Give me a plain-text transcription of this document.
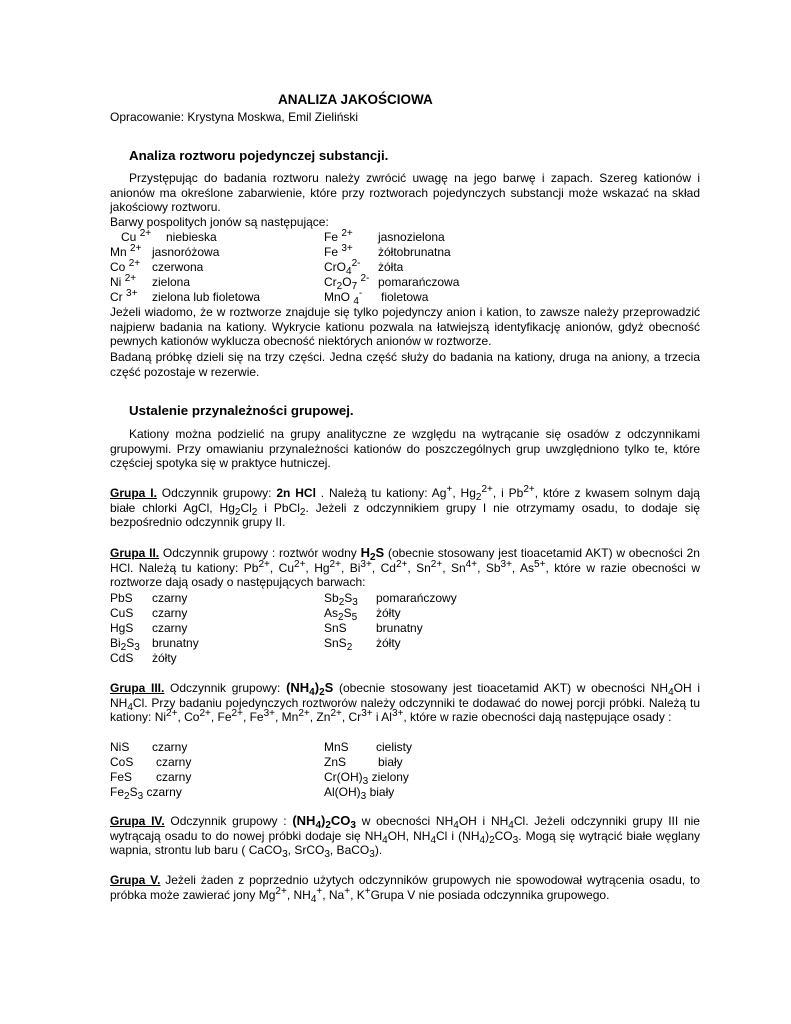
ANALIZA JAKOŚCIOWA
Opracowanie: Krystyna Moskwa, Emil Zieliński
Analiza roztworu pojedynczej substancji.

Przystępując do badania roztworu należy zwrócić uwagę na jego barwę i zapach. Szereg kationów i anionów ma określone zabarwienie, które przy roztworach pojedynczych substancji może wskazać na skład jakościowy roztworu.

Barwy pospolitych jonów są następujące:
Cu $^{2+}$ niebieska	Fe $^{2+}$ jasnozielona
Mn $^{2+}$ jasnoróżowa	Fe $^{3+}$ żółtobrunatna
Co $^{2+}$ czerwona	CrO$_4^{2-}$ żółta
Ni $^{2+}$ zielona	$Cr_2O_7$ $^{2-}$ pomarańczowa
Cr $^{3+}$ zielona lub fioletowa	MnO $_4$- fioletowa

Jeżeli wiadomo, że w roztworze znajduje się tylko pojedynczy anion i kation, to zawsze należy przeprowadzić najpierw badania na kationy. Wykrycie kationu pozwala na łatwiejszą identyfikację anionów, gdyż obecność pewnych kationów wyklucza obecność niektórych anionów w roztworze.

Badaną próbkę dzieli się na trzy części. Jedna część służy do badania na kationy, druga na aniony, a trzecia część pozostaje w rezerwie.

Ustalenie przynależności grupowej.

Kationy można podzielić na grupy analityczne ze względu na wytrącanie się osadów z odczynnikami grupowymi. Przy omawianiu przynależności kationów do poszczególnych grup uwzględniono tylko te, które częściej spotyka się w praktyce hutniczej.

Grupa I. Odczynnik grupowy: 2n HCl . Należą tu kationy: Ag+, $Hg_2^{2+}$, i $Pb^{2+}$, które z kwasem solnym dają białe chlorki AgCl, $Hg_2Cl_2$ i PbCl$_2$. Jeżeli z odczynnikiem grupy I nie otrzymamy osadu, to dodaje się bezpośrednio odczynnik grupy II.

Grupa II. Odczynnik grupowy : roztwór wodny $H_2S$ (obecnie stosowany jest tioacetamid AKT) w obecności 2n HCl. Należą tu kationy: $Pb^{2+}$, $Cu^{2+}$, $Hg^{2+}$, $Bi^{3+}$, $Cd^{2+}$, $Sn^{2+}$, $Sn^{4+}$, $Sb^{3+}$, $As^{5+}$, które w razie obecności w roztworze dają osady o następujących barwach:

PbS czarny	$Sb_2S_3$ pomarańczowy
CuS czarny	$As_2S_5$ żółty
HgS czarny	SnS brunatny
$Bi_2S_3$ brunatny	SnS$_2$ żółty
CdS żółty

Grupa III. Odczynnik grupowy: $(NH_4)_2S$ (obecnie stosowany jest tioacetamid AKT) w obecności $NH_4OH$ i $NH_4Cl$. Przy badaniu pojedynczych roztworów należy odczynniki te dodawać do nowej porcji próbki. Należą tu kationy: $Ni^{2+}$, $Co^{2+}$, $Fe^{2+}$, $Fe^{3+}$, $Mn^{2+}$, $Zn^{2+}$, $Cr^{3+}$ i $Al^{3+}$, które w razie obecności dają następujące osady :

NiS czarny	MnS cielisty
CoS czarny	ZnS	biały
FeS czarny	$Cr(OH)_3$ zielony
$Fe_2S_3$ czarny	$Al(OH)_3$ biały

Grupa IV. Odczynnik grupowy : $(NH_4)_2CO_3$ w obecności $NH_4OH$ i $NH_4Cl$. Jeżeli odczynniki grupy III nie wytrącają osadu to do nowej próbki dodaje się $NH_4OH$, $NH_4Cl$ i $(NH_4)_2CO_3$. Mogą się wytrącić białe węglany wapnia, strontu lub baru ( CaCO$_3$, SrCO$_3$, BaCO$_3$).

Grupa V. Jeżeli żaden z poprzednio użytych odczynników grupowych nie spowodował wytrącenia osadu, to próbka może zawierać jony $Mg^{2+}$, $NH_4^+$, Na+, K+Grupa V nie posiada odczynnika grupowego.
